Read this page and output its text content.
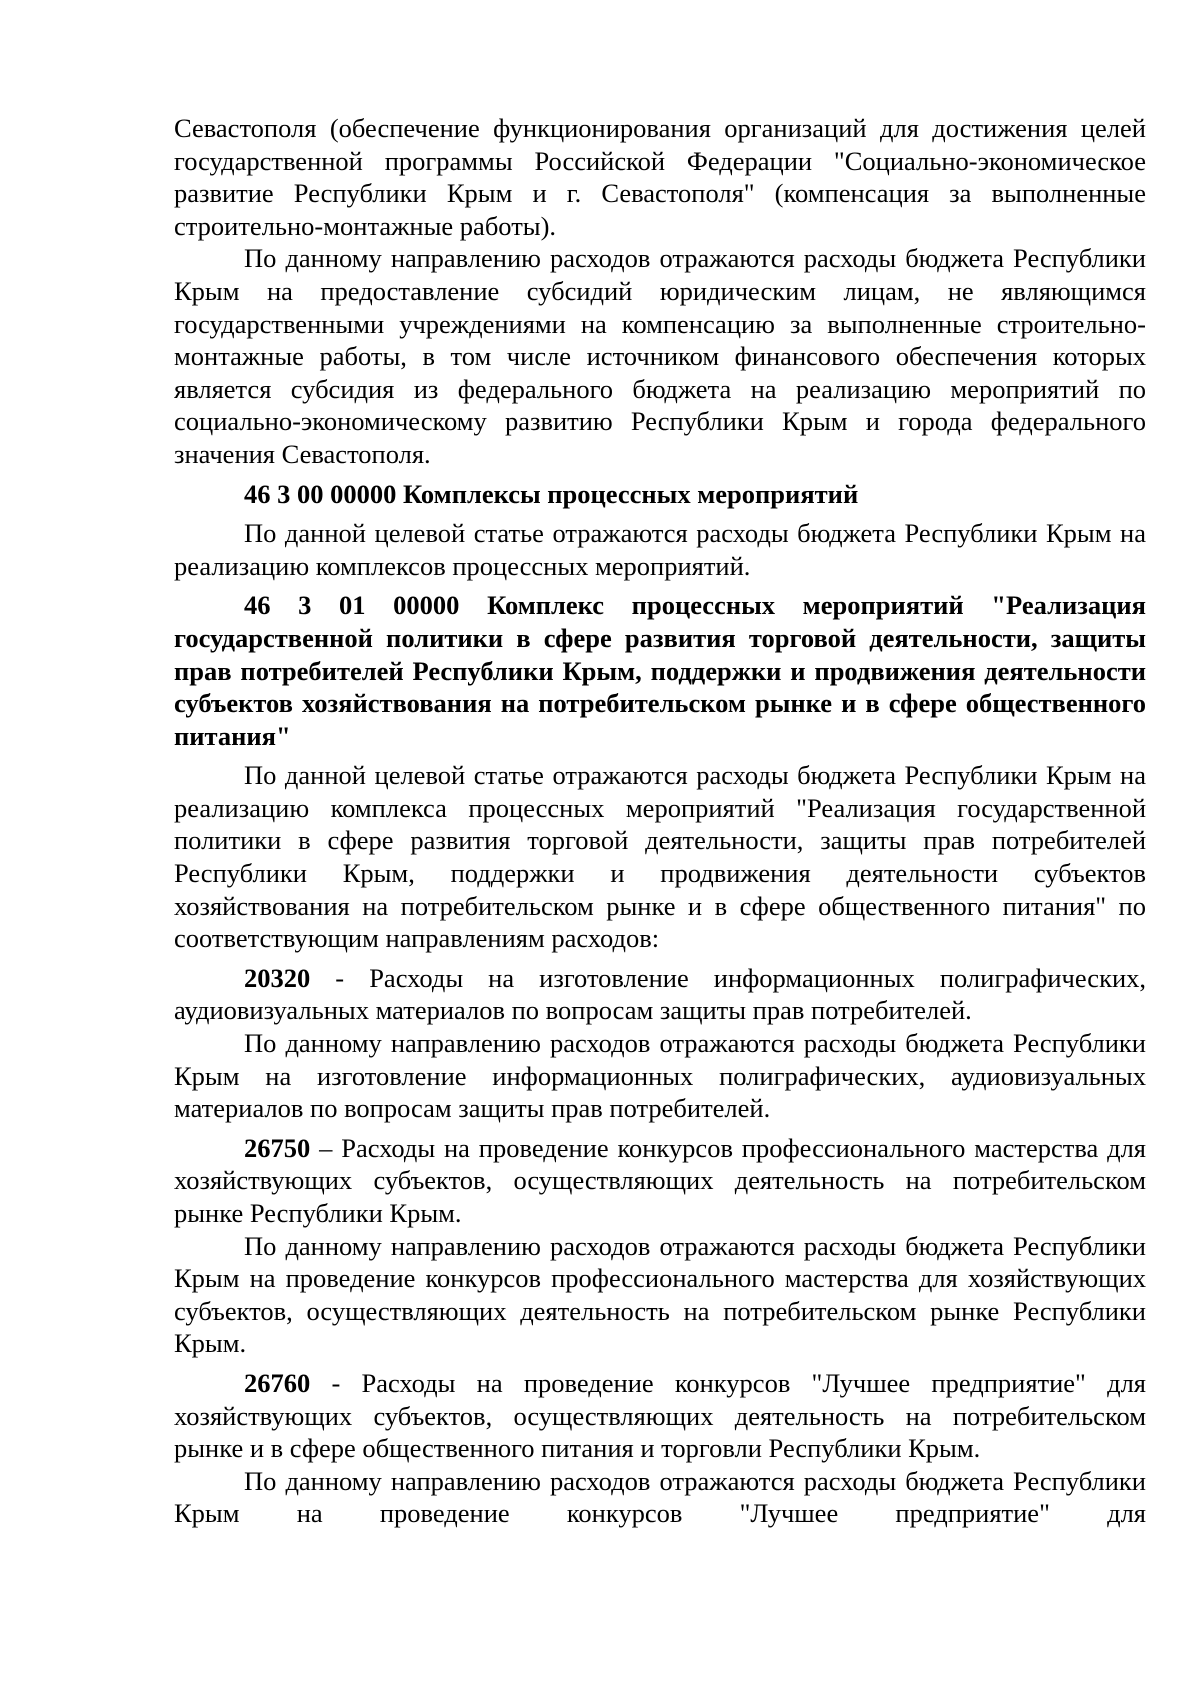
Севастополя (обеспечение функционирования организаций для достижения целей государственной программы Российской Федерации "Социально-экономическое развитие Республики Крым и г. Севастополя" (компенсация за выполненные строительно-монтажные работы).

По данному направлению расходов отражаются расходы бюджета Республики Крым на предоставление субсидий юридическим лицам, не являющимся государственными учреждениями на компенсацию за выполненные строительно-монтажные работы, в том числе источником финансового обеспечения которых является субсидия из федерального бюджета на реализацию мероприятий по социально-экономическому развитию Республики Крым и города федерального значения Севастополя.

46 3 00 00000 Комплексы процессных мероприятий

По данной целевой статье отражаются расходы бюджета Республики Крым на реализацию комплексов процессных мероприятий.

46 3 01 00000 Комплекс процессных мероприятий "Реализация государственной политики в сфере развития торговой деятельности, защиты прав потребителей Республики Крым, поддержки и продвижения деятельности субъектов хозяйствования на потребительском рынке и в сфере общественного питания"

По данной целевой статье отражаются расходы бюджета Республики Крым на реализацию комплекса процессных мероприятий "Реализация государственной политики в сфере развития торговой деятельности, защиты прав потребителей Республики Крым, поддержки и продвижения деятельности субъектов хозяйствования на потребительском рынке и в сфере общественного питания" по соответствующим направлениям расходов:

20320 - Расходы на изготовление информационных полиграфических, аудиовизуальных материалов по вопросам защиты прав потребителей.

По данному направлению расходов отражаются расходы бюджета Республики Крым на изготовление информационных полиграфических, аудиовизуальных материалов по вопросам защиты прав потребителей.

26750 – Расходы на проведение конкурсов профессионального мастерства для хозяйствующих субъектов, осуществляющих деятельность на потребительском рынке Республики Крым.

По данному направлению расходов отражаются расходы бюджета Республики Крым на проведение конкурсов профессионального мастерства для хозяйствующих субъектов, осуществляющих деятельность на потребительском рынке Республики Крым.

26760 - Расходы на проведение конкурсов "Лучшее предприятие" для хозяйствующих субъектов, осуществляющих деятельность на потребительском рынке и в сфере общественного питания и торговли Республики Крым.

По данному направлению расходов отражаются расходы бюджета Республики Крым на проведение конкурсов "Лучшее предприятие" для
